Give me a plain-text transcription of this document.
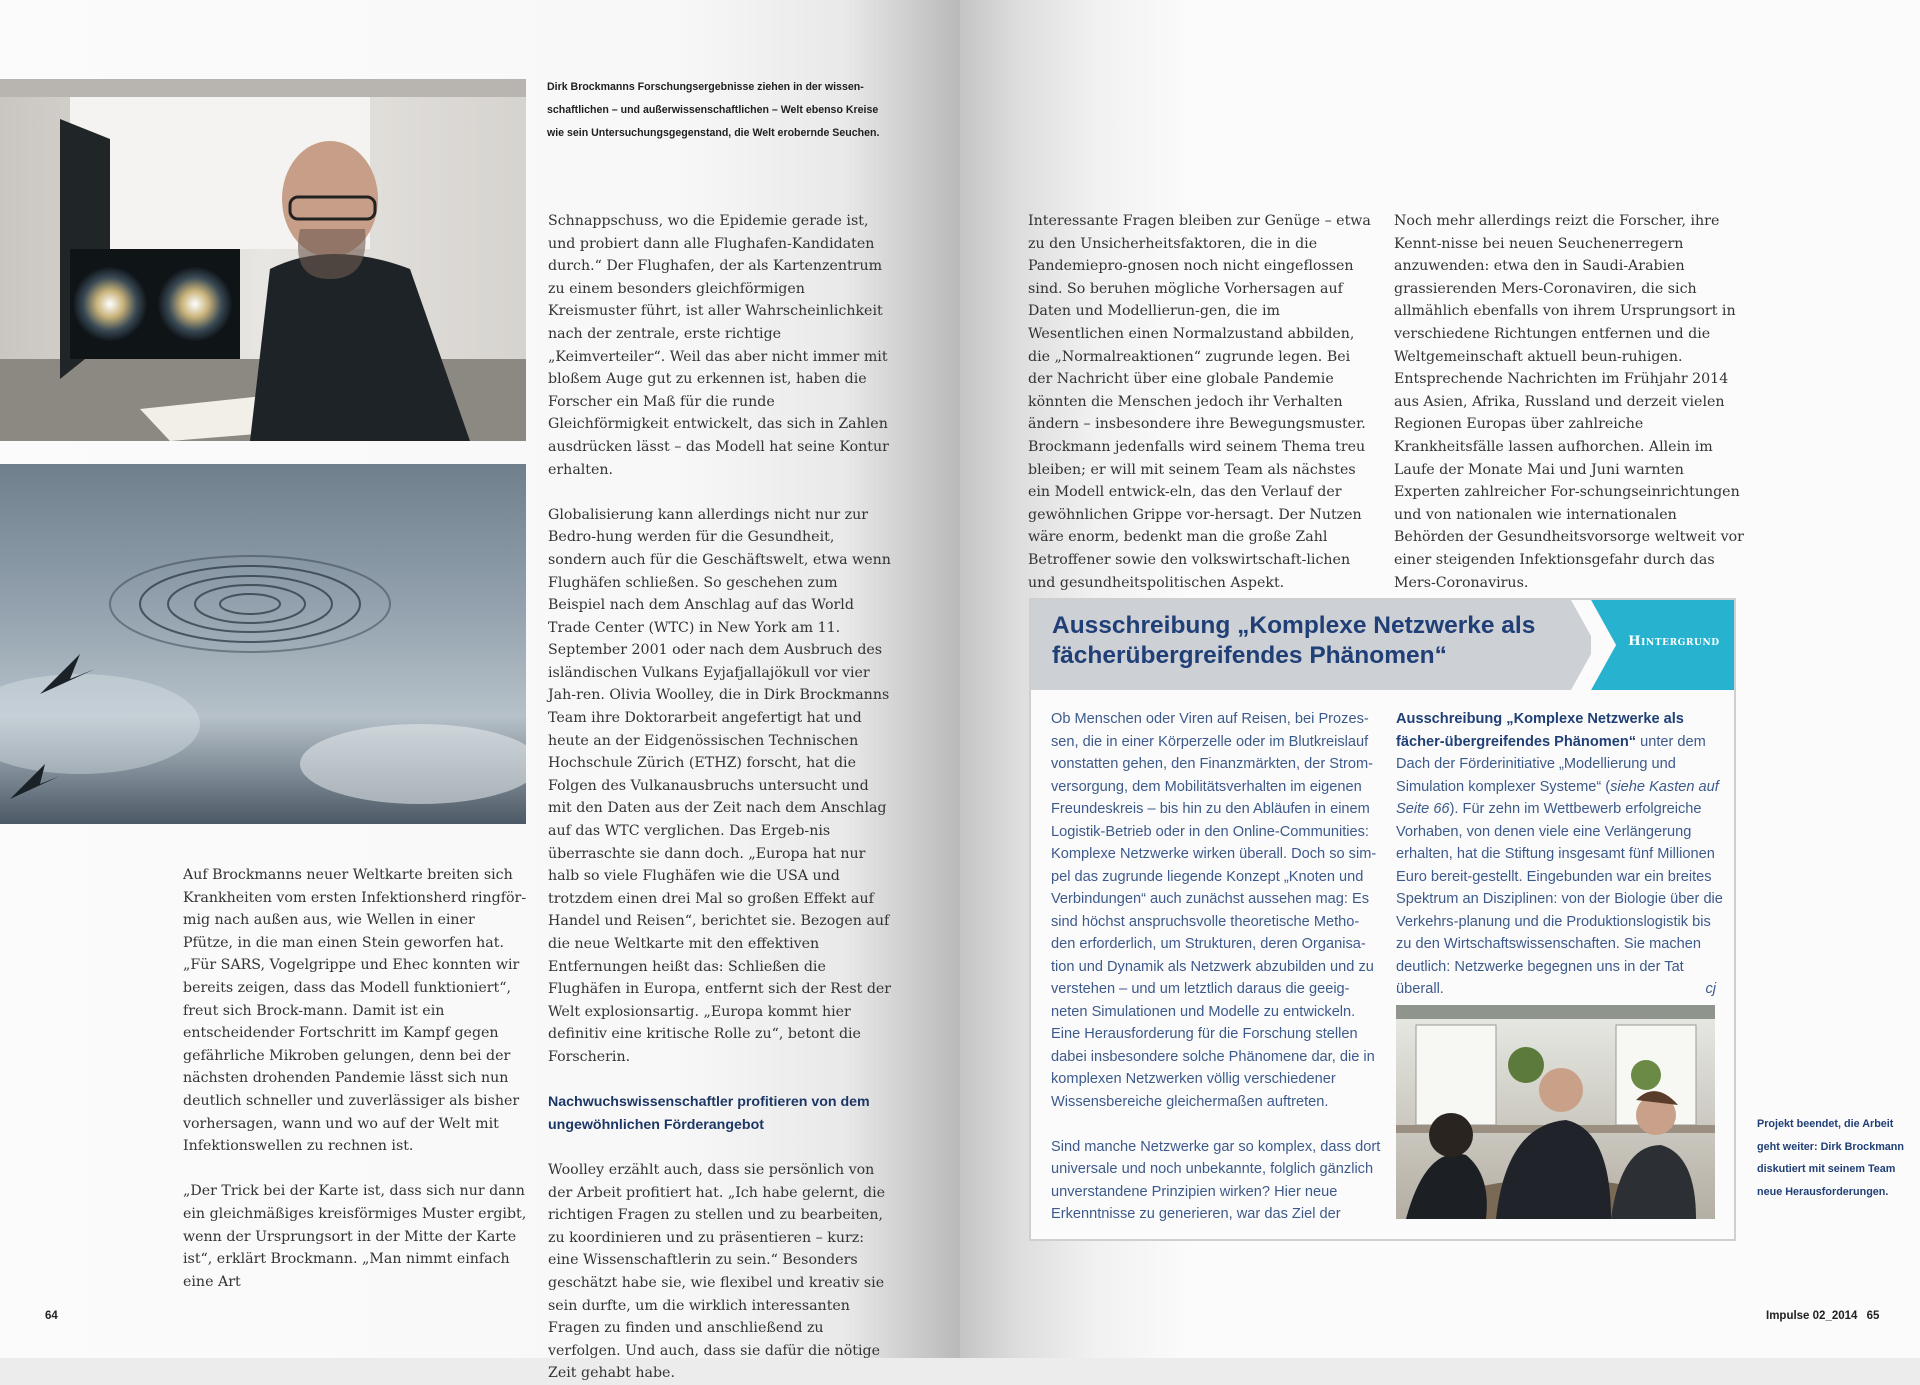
Dirk Brockmanns Forschungsergebnisse ziehen in der wissen-schaftlichen – und außerwissenschaftlichen – Welt ebenso Kreise wie sein Untersuchungsgegenstand, die Welt erobernde Seuchen.

Auf Brockmanns neuer Weltkarte breiten sich Krankheiten vom ersten Infektionsherd ringför-mig nach außen aus, wie Wellen in einer Pfütze, in die man einen Stein geworfen hat. „Für SARS, Vogelgrippe und Ehec konnten wir bereits zeigen, dass das Modell funktioniert“, freut sich Brock-mann. Damit ist ein entscheidender Fortschritt im Kampf gegen gefährliche Mikroben gelungen, denn bei der nächsten drohenden Pandemie lässt sich nun deutlich schneller und zuverlässiger als bisher vorhersagen, wann und wo auf der Welt mit Infektionswellen zu rechnen ist.

„Der Trick bei der Karte ist, dass sich nur dann ein gleichmäßiges kreisförmiges Muster ergibt, wenn der Ursprungsort in der Mitte der Karte ist“, erklärt Brockmann. „Man nimmt einfach eine Art

Schnappschuss, wo die Epidemie gerade ist, und probiert dann alle Flughafen-Kandidaten durch.“ Der Flughafen, der als Kartenzentrum zu einem besonders gleichförmigen Kreismuster führt, ist aller Wahrscheinlichkeit nach der zentrale, erste richtige „Keimverteiler“. Weil das aber nicht immer mit bloßem Auge gut zu erkennen ist, haben die Forscher ein Maß für die runde Gleichförmigkeit entwickelt, das sich in Zahlen ausdrücken lässt – das Modell hat seine Kontur erhalten.

Globalisierung kann allerdings nicht nur zur Bedro-hung werden für die Gesundheit, sondern auch für die Geschäftswelt, etwa wenn Flughäfen schließen. So geschehen zum Beispiel nach dem Anschlag auf das World Trade Center (WTC) in New York am 11. September 2001 oder nach dem Ausbruch des isländischen Vulkans Eyjafjallajökull vor vier Jah-ren. Olivia Woolley, die in Dirk Brockmanns Team ihre Doktorarbeit angefertigt hat und heute an der Eidgenössischen Technischen Hochschule Zürich (ETHZ) forscht, hat die Folgen des Vulkanausbruchs untersucht und mit den Daten aus der Zeit nach dem Anschlag auf das WTC verglichen. Das Ergeb-nis überraschte sie dann doch. „Europa hat nur halb so viele Flughäfen wie die USA und trotzdem einen drei Mal so großen Effekt auf Handel und Reisen“, berichtet sie. Bezogen auf die neue Weltkarte mit den effektiven Entfernungen heißt das: Schließen die Flughäfen in Europa, entfernt sich der Rest der Welt explosionsartig. „Europa kommt hier definitiv eine kritische Rolle zu“, betont die Forscherin.

Nachwuchswissenschaftler profitieren von dem ungewöhnlichen Förderangebot

Woolley erzählt auch, dass sie persönlich von der Arbeit profitiert hat. „Ich habe gelernt, die richtigen Fragen zu stellen und zu bearbeiten, zu koordinieren und zu präsentieren – kurz: eine Wissenschaftlerin zu sein.“ Besonders geschätzt habe sie, wie flexibel und kreativ sie sein durfte, um die wirklich interessanten Fragen zu finden und anschließend zu verfolgen. Und auch, dass sie dafür die nötige Zeit gehabt habe.

64

Interessante Fragen bleiben zur Genüge – etwa zu den Unsicherheitsfaktoren, die in die Pandemiepro-gnosen noch nicht eingeflossen sind. So beruhen mögliche Vorhersagen auf Daten und Modellierun-gen, die im Wesentlichen einen Normalzustand abbilden, die „Normalreaktionen“ zugrunde legen. Bei der Nachricht über eine globale Pandemie könnten die Menschen jedoch ihr Verhalten ändern – insbesondere ihre Bewegungsmuster. Brockmann jedenfalls wird seinem Thema treu bleiben; er will mit seinem Team als nächstes ein Modell entwick-eln, das den Verlauf der gewöhnlichen Grippe vor-hersagt. Der Nutzen wäre enorm, bedenkt man die große Zahl Betroffener sowie den volkswirtschaft-lichen und gesundheitspolitischen Aspekt.

Noch mehr allerdings reizt die Forscher, ihre Kennt-nisse bei neuen Seuchenerregern anzuwenden: etwa den in Saudi-Arabien grassierenden Mers-Coronaviren, die sich allmählich ebenfalls von ihrem Ursprungsort in verschiedene Richtungen entfernen und die Weltgemeinschaft aktuell beun-ruhigen. Entsprechende Nachrichten im Frühjahr 2014 aus Asien, Afrika, Russland und derzeit vielen Regionen Europas über zahlreiche Krankheitsfälle lassen aufhorchen. Allein im Laufe der Monate Mai und Juni warnten Experten zahlreicher For-schungseinrichtungen und von nationalen wie internationalen Behörden der Gesundheitsvorsorge weltweit vor einer steigenden Infektionsgefahr durch das Mers-Coronavirus.

Ausschreibung „Komplexe Netzwerke als fächerübergreifendes Phänomen“
Hintergrund

Ob Menschen oder Viren auf Reisen, bei Prozes-sen, die in einer Körperzelle oder im Blutkreislauf vonstatten gehen, den Finanzmärkten, der Strom-versorgung, dem Mobilitätsverhalten im eigenen Freundeskreis – bis hin zu den Abläufen in einem Logistik-Betrieb oder in den Online-Communities: Komplexe Netzwerke wirken überall. Doch so sim-pel das zugrunde liegende Konzept „Knoten und Verbindungen“ auch zunächst aussehen mag: Es sind höchst anspruchsvolle theoretische Metho-den erforderlich, um Strukturen, deren Organisa-tion und Dynamik als Netzwerk abzubilden und zu verstehen – und um letztlich daraus die geeig-neten Simulationen und Modelle zu entwickeln. Eine Herausforderung für die Forschung stellen dabei insbesondere solche Phänomene dar, die in komplexen Netzwerken völlig verschiedener Wissensbereiche gleichermaßen auftreten.

Sind manche Netzwerke gar so komplex, dass dort universale und noch unbekannte, folglich gänzlich unverstandene Prinzipien wirken? Hier neue Erkenntnisse zu generieren, war das Ziel der

Ausschreibung „Komplexe Netzwerke als fächer-übergreifendes Phänomen“ unter dem Dach der Förderinitiative „Modellierung und Simulation komplexer Systeme“ (siehe Kasten auf Seite 66). Für zehn im Wettbewerb erfolgreiche Vorhaben, von denen viele eine Verlängerung erhalten, hat die Stiftung insgesamt fünf Millionen Euro bereit-gestellt. Eingebunden war ein breites Spektrum an Disziplinen: von der Biologie über die Verkehrs-planung und die Produktionslogistik bis zu den Wirtschaftswissenschaften. Sie machen deutlich: Netzwerke begegnen uns in der Tat überall.	cj

Projekt beendet, die Arbeit geht weiter: Dirk Brockmann diskutiert mit seinem Team neue Herausforderungen.
Impulse 02_2014 65
